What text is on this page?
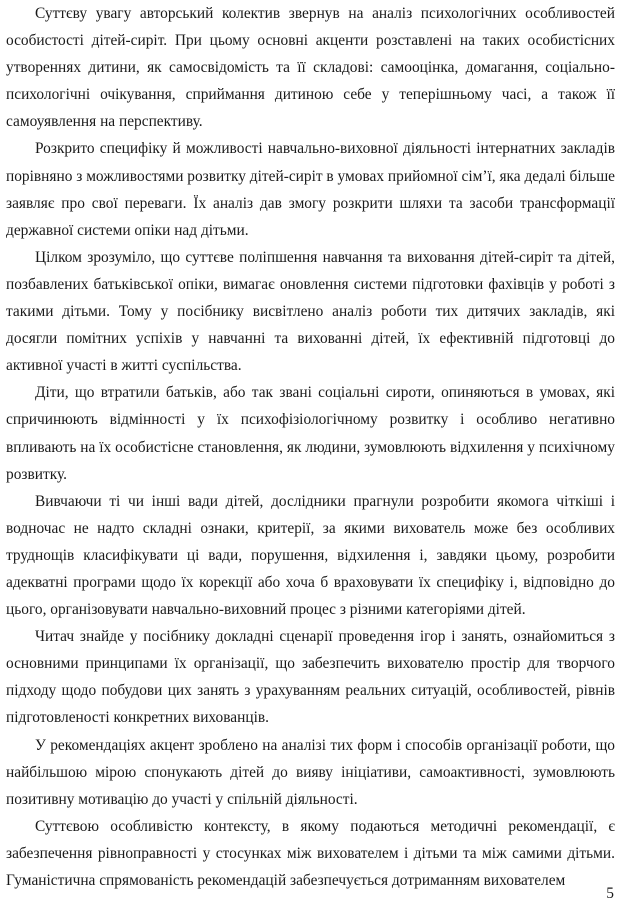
Суттєву увагу авторський колектив звернув на аналіз психологічних особливостей особистості дітей-сиріт. При цьому основні акценти розставлені на таких особистісних утвореннях дитини, як самосвідомість та її складові: самооцінка, домагання, соціально-психологічні очікування, сприймання дитиною себе у теперішньому часі, а також її самоуявлення на перспективу.

Розкрито специфіку й можливості навчально-виховної діяльності інтернатних закладів порівняно з можливостями розвитку дітей-сиріт в умовах прийомної сім’ї, яка дедалі більше заявляє про свої переваги. Їх аналіз дав змогу розкрити шляхи та засоби трансформації державної системи опіки над дітьми.

Цілком зрозуміло, що суттєве поліпшення навчання та виховання дітей-сиріт та дітей, позбавлених батьківської опіки, вимагає оновлення системи підготовки фахівців у роботі з такими дітьми. Тому у посібнику висвітлено аналіз роботи тих дитячих закладів, які досягли помітних успіхів у навчанні та вихованні дітей, їх ефективній підготовці до активної участі в житті суспільства.

Діти, що втратили батьків, або так звані соціальні сироти, опиняються в умовах, які спричинюють відмінності у їх психофізіологічному розвитку і особливо негативно впливають на їх особистісне становлення, як людини, зумовлюють відхилення у психічному розвитку.

Вивчаючи ті чи інші вади дітей, дослідники прагнули розробити якомога чіткіші і водночас не надто складні ознаки, критерії, за якими вихователь може без особливих труднощів класифікувати ці вади, порушення, відхилення і, завдяки цьому, розробити адекватні програми щодо їх корекції або хоча б враховувати їх специфіку і, відповідно до цього, організовувати навчально-виховний процес з різними категоріями дітей.

Читач знайде у посібнику докладні сценарії проведення ігор і занять, ознайомиться з основними принципами їх організації, що забезпечить вихователю простір для творчого підходу щодо побудови цих занять з урахуванням реальних ситуацій, особливостей, рівнів підготовленості конкретних вихованців.

У рекомендаціях акцент зроблено на аналізі тих форм і способів організації роботи, що найбільшою мірою спонукають дітей до вияву ініціативи, самоактивності, зумовлюють позитивну мотивацію до участі у спільній діяльності.

Суттєвою особливістю контексту, в якому подаються методичні рекомендації, є забезпечення рівноправності у стосунках між вихователем і дітьми та між самими дітьми. Гуманістична спрямованість рекомендацій забезпечується дотриманням вихователем

5
